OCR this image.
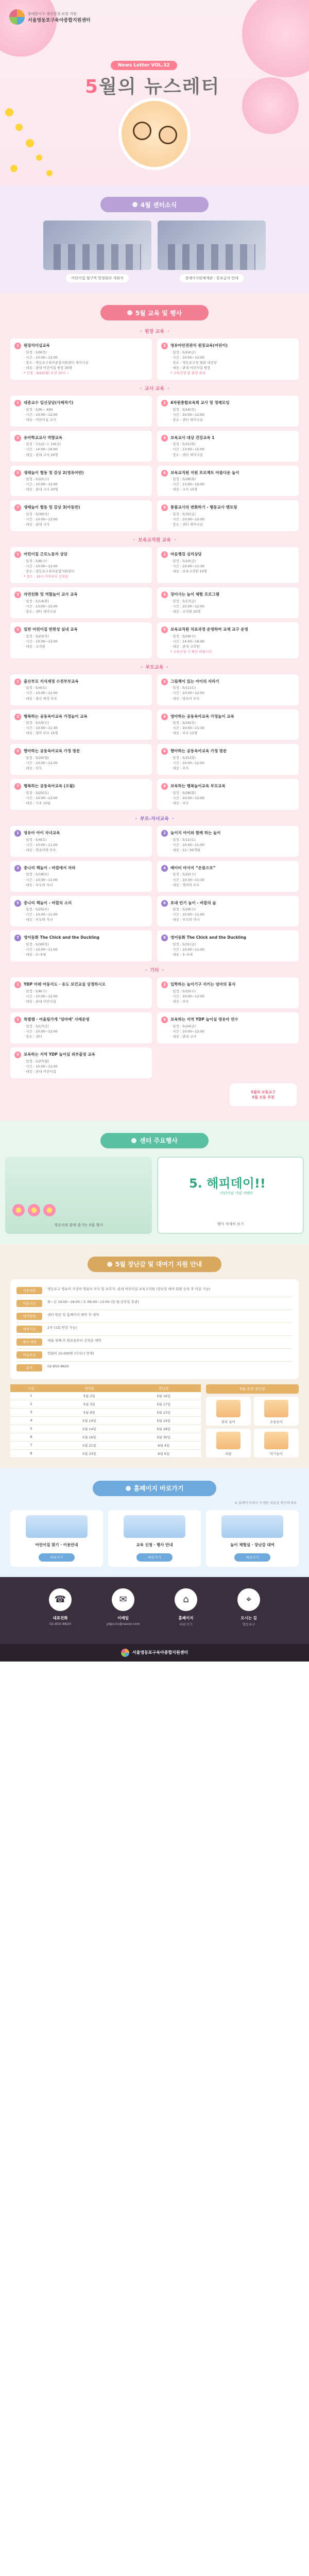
동대문시구 정신건강 보험 지원
서울영동포구육아종합지원센터
News Letter VOL.32
5월의 뉴스레터
4월 센터소식
어린이집 협구역 한청회의 개최식	장애아지원체계관 · 통보급식 안내
5월 교육 및 행사
· 원장 교육 ·
1	원장리더십교육
· 일정 : 5/9(목)
· 시간 : 10:00~12:00
· 장소 : 영등포구육아종합지원센터 세미나실
· 대상 : 관내 어린이집 원장 30명
* 신청 : 4/22(월) 오전 10시 ~
2	영유아안전관리 원장교육(어린이)
· 일정 : 5/24(금)
· 시간 : 10:00~12:00
· 장소 : 영등포구청 별관 대강당
· 대상 : 관내 어린이집 원장
* 교육신청 및 출결 관리
· 교사 교육 ·
1	대중교수 입신상담(사례적기)
· 일정 : 5/9(~ 4/9)
· 시간 : 10:00~12:00
· 대상 : 어린이집 교사
2	4차원종합보육회 교사 및 정례모임
· 일정 : 5/16(목)
· 시간 : 10:00~12:00
· 장소 : 센터 세미나실
3	유아학교교사 역량교육
· 일정 : 7/12(~), 14(금)
· 시간 : 14:00~16:00
· 대상 : 관내 교사 20명
4	보육교사 대상 건강교육 1
· 일정 : 5/21(화)
· 시간 : 13:00~15:00
· 장소 : 센터 세미나실
5	생태놀이 협동 및 감상 2(영유아반)
· 일정 : 5/22(수)
· 시간 : 10:00~12:00
· 대상 : 관내 교사 20명
6	보육교직원 지원 프로젝트 아름다운 놀이
· 일정 : 5/28(화)
· 시간 : 13:00~15:00
· 대상 : 교사 15명
7	생태놀이 협동 및 감상 3(아동반)
· 일정 : 5/30(목)
· 시간 : 10:00~12:00
· 대상 : 관내 교사
8	통품교사의 변화하기 - 행동교사 멘토링
· 일정 : 5/31(금)
· 시간 : 10:00~12:00
· 장소 : 센터 세미나실
· 보육교직원 교육 ·
1	어린이집 근로노동자 상담
· 일정 : 5/8(수)
· 시간 : 10:00~12:00
· 장소 : 영등포구육아종합지원센터
* 접수 : 10시 이후부터 선착순
2	마음챙김 심리상담
· 일정 : 5/10(금)
· 시간 : 10:00~11:30
· 대상 : 보육교직원 10명
3	자연친화 및 역할놀이 교사 교육
· 일정 : 5/14(화)
· 시간 : 13:00~15:00
· 장소 : 센터 세미나실
4	장미사는 놀이 체험 프로그램
· 일정 : 5/17(금)
· 시간 : 10:00~12:00
· 대상 : 교직원 20명
5	일반 어린이집 반편성 실내 교육
· 일정 : 5/23(목)
· 시간 : 10:00~12:00
· 대상 : 교직원
6	보육교직원 치료과정 운영하여 교재 교구 운영
· 일정 : 5/29(수)
· 시간 : 14:00~16:00
· 대상 : 관내 교직원
* 교육신청 시 확인 바랍니다
· 부모교육 ·
1	출산부모 지식재정 수전부부교육
· 일정 : 5/4(토)
· 시간 : 10:00~12:00
· 대상 : 출산 예정 부모
2	그림책이 있는 아이의 자라기
· 일정 : 5/11(토)
· 시간 : 10:00~12:00
· 대상 : 영유아 부모
3	행복하는 공동육아교육 가정놀이 교육
· 일정 : 5/15(수)
· 시간 : 10:00~11:30
· 대상 : 영아 부모 15명
4	영아하는 공동육아교육 가정놀이 교육
· 일정 : 5/16(목)
· 시간 : 10:00~11:30
· 대상 : 부모 15명
5	향아하는 공동육아교육 가정 방문
· 일정 : 5/20(월)
· 시간 : 10:00~12:00
· 대상 : 부모
6	향아하는 공동육아교육 가정 방문
· 일정 : 5/21(화)
· 시간 : 10:00~12:00
· 대상 : 부모
7	행복하는 공동육아교육 (오월)
· 일정 : 5/25(토)
· 시간 : 10:00~12:00
· 대상 : 가족 10팀
8	보육하는 행복놀이교육 부모교육
· 일정 : 5/28(화)
· 시간 : 10:00~12:00
· 대상 : 부모
· 부모-자녀교육 ·
1	영유아 아이 자녀교육
· 일정 : 5/4(토)
· 시간 : 10:00~11:00
· 대상 : 영유아와 부모
2	놀이지 아이와 함께 하는 놀이
· 일정 : 5/11(토)
· 시간 : 10:00~11:00
· 대상 : 12~36개월
3	중나리 책놀이 - 바깥에서 자라
· 일정 : 5/18(토)
· 시간 : 10:00~11:00
· 대상 : 부모와 자녀
4	베이비 마사지 “온몸으로”
· 일정 : 5/22(수)
· 시간 : 10:30~11:30
· 대상 : 영아와 부모
5	중나리 책놀이 - 바깥의 소리
· 일정 : 5/25(토)
· 시간 : 10:00~11:00
· 대상 : 부모와 자녀
6	포대 안기 놀이 - 바깥의 숲
· 일정 : 5/29(수)
· 시간 : 10:00~11:00
· 대상 : 부모와 자녀
7	영어동화 The Chick and the Duckling
· 일정 : 5/30(목)
· 시간 : 10:00~11:00
· 대상 : 3~5세
8	영어동화 The Chick and the Duckling
· 일정 : 5/31(금)
· 시간 : 10:00~11:00
· 대상 : 3~5세
· 기타 ·
1	YDP 미래 아동지도 · 유도 보건교실 상정하시오
· 일정 : 5/8(수)
· 시간 : 10:00~12:00
· 대상 : 관내 어린이집
2	입학하는 놀이기구 지키는 엄마의 휴식
· 일정 : 5/15(수)
· 시간 : 10:00~12:00
· 대상 : 부모
3	특별캠 · 어울림가게 ‘엄마예’ 사레운영
· 일정 : 5/17(금)
· 시간 : 10:00~12:00
· 장소 : 센터
4	보육하는 지역 YDP 놀이실 영유아 연수
· 일정 : 5/24(금)
· 시간 : 10:00~12:00
· 대상 : 관내 교사
5	보육하는 지역 YDP 놀이실 외부출장 교육
· 일정 : 5/27(월)
· 시간 : 10:00~12:00
· 대상 : 관내 어린이집
5월의 보물교구
5월 보물 추천
센터 주요행사
영유아와 함께 즐기는 5월 행사
5. 해피데이!!
어린이날 기념 이벤트
행사 자세히 보기
5월 장난감 및 대여기 지원 안내
이용대상	영등포구 영유아 가정의 영유아 부모 및 보호자, 관내 어린이집 보육교직원 (장난감 대여 회원 등록 후 이용 가능)
이용시간	화~금 10:00~18:00 / 토 09:00~13:00 (일·월·공휴일 휴관)
대여방법	센터 방문 및 홈페이지 예약 후 대여
대여기간	2주 (1회 연장 가능)
대여 예약	매월 첫째 주 화요일부터 선착순 예약
이용요금	연회비 10,000원 (다자녀 면제)
문의	02-850-8620
구분	대여일	반납일
1	5월 2일	5월 16일
2	5월 3일	5월 17일
3	5월 9일	5월 23일
4	5월 10일	5월 24일
5	5월 14일	5월 28일
6	5월 16일	5월 30일
7	5월 21일	6월 4일
8	5월 23일	6월 6일
5월 추천 장난감
블록 놀이	소꿉놀이
퍼즐	악기놀이
홈페이지 바로가기
※ 홈페이지에서 자세한 내용을 확인하세요
어린이집 찾기 · 이용안내
바로가기
교육 신청 · 행사 안내
바로가기
놀이 체험실 · 장난감 대여
바로가기
☎
대표전화
02-850-8620
✉
이메일
ydpccic@naver.com
⌂
홈페이지
바로가기
⌖
오시는 길
영등포구
서울영등포구육아종합지원센터
